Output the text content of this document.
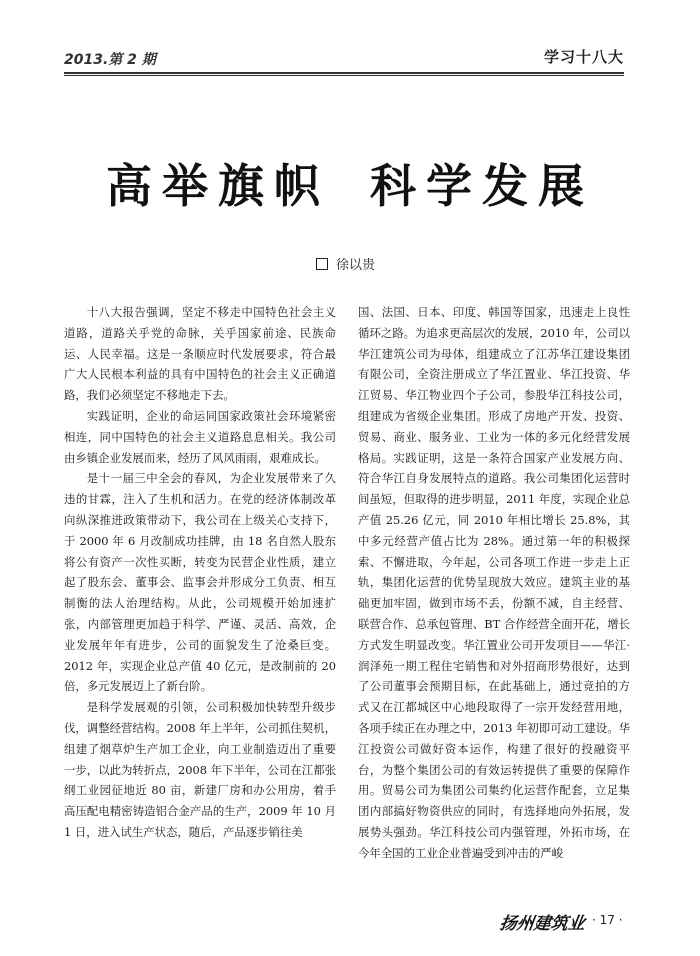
2013.第 2 期	学习十八大
高举旗帜 科学发展
徐以贵

十八大报告强调，坚定不移走中国特色社会主义道路，道路关乎党的命脉，关乎国家前途、民族命运、人民幸福。这是一条顺应时代发展要求，符合最广大人民根本利益的具有中国特色的社会主义正确道路，我们必须坚定不移地走下去。

实践证明，企业的命运同国家政策社会环境紧密相连，同中国特色的社会主义道路息息相关。我公司由乡镇企业发展而来，经历了风风雨雨，艰难成长。

是十一届三中全会的春风，为企业发展带来了久违的甘霖，注入了生机和活力。在党的经济体制改革向纵深推进政策带动下，我公司在上级关心支持下，于 2000 年 6 月改制成功挂牌，由 18 名自然人股东将公有资产一次性买断，转变为民营企业性质，建立起了股东会、董事会、监事会并形成分工负责、相互制衡的法人治理结构。从此，公司规模开始加速扩张，内部管理更加趋于科学、严谨、灵活、高效，企业发展年年有进步，公司的面貌发生了沧桑巨变。2012 年，实现企业总产值 40 亿元，是改制前的 20 倍，多元发展迈上了新台阶。

是科学发展观的引领，公司积极加快转型升级步伐，调整经营结构。2008 年上半年，公司抓住契机，组建了烟草炉生产加工企业，向工业制造迈出了重要一步，以此为转折点，2008 年下半年，公司在江都张纲工业园征地近 80 亩，新建厂房和办公用房，着手高压配电精密铸造铝合金产品的生产，2009 年 10 月 1 日，进入试生产状态，随后，产品逐步销往美

国、法国、日本、印度、韩国等国家，迅速走上良性循环之路。为追求更高层次的发展，2010 年，公司以华江建筑公司为母体，组建成立了江苏华江建设集团有限公司，全资注册成立了华江置业、华江投资、华江贸易、华江物业四个子公司，参股华江科技公司，组建成为省级企业集团。形成了房地产开发、投资、贸易、商业、服务业、工业为一体的多元化经营发展格局。实践证明，这是一条符合国家产业发展方向、符合华江自身发展特点的道路。我公司集团化运营时间虽短，但取得的进步明显，2011 年度，实现企业总产值 25.26 亿元，同 2010 年相比增长 25.8%，其中多元经营产值占比为 28%。通过第一年的积极探索、不懈进取，今年起，公司各项工作进一步走上正轨，集团化运营的优势呈现放大效应。建筑主业的基础更加牢固，做到市场不丢，份额不减，自主经营、联营合作、总承包管理、BT 合作经营全面开花，增长方式发生明显改变。华江置业公司开发项目——华江·润泽苑一期工程住宅销售和对外招商形势很好，达到了公司董事会预期目标，在此基础上，通过竞拍的方式又在江都城区中心地段取得了一宗开发经营用地，各项手续正在办理之中，2013 年初即可动工建设。华江投资公司做好资本运作，构建了很好的投融资平台，为整个集团公司的有效运转提供了重要的保障作用。贸易公司为集团公司集约化运营作配套，立足集团内部搞好物资供应的同时，有选择地向外拓展，发展势头强劲。华江科技公司内强管理，外拓市场，在今年全国的工业企业普遍受到冲击的严峻

扬州建筑业 · 17 ·
